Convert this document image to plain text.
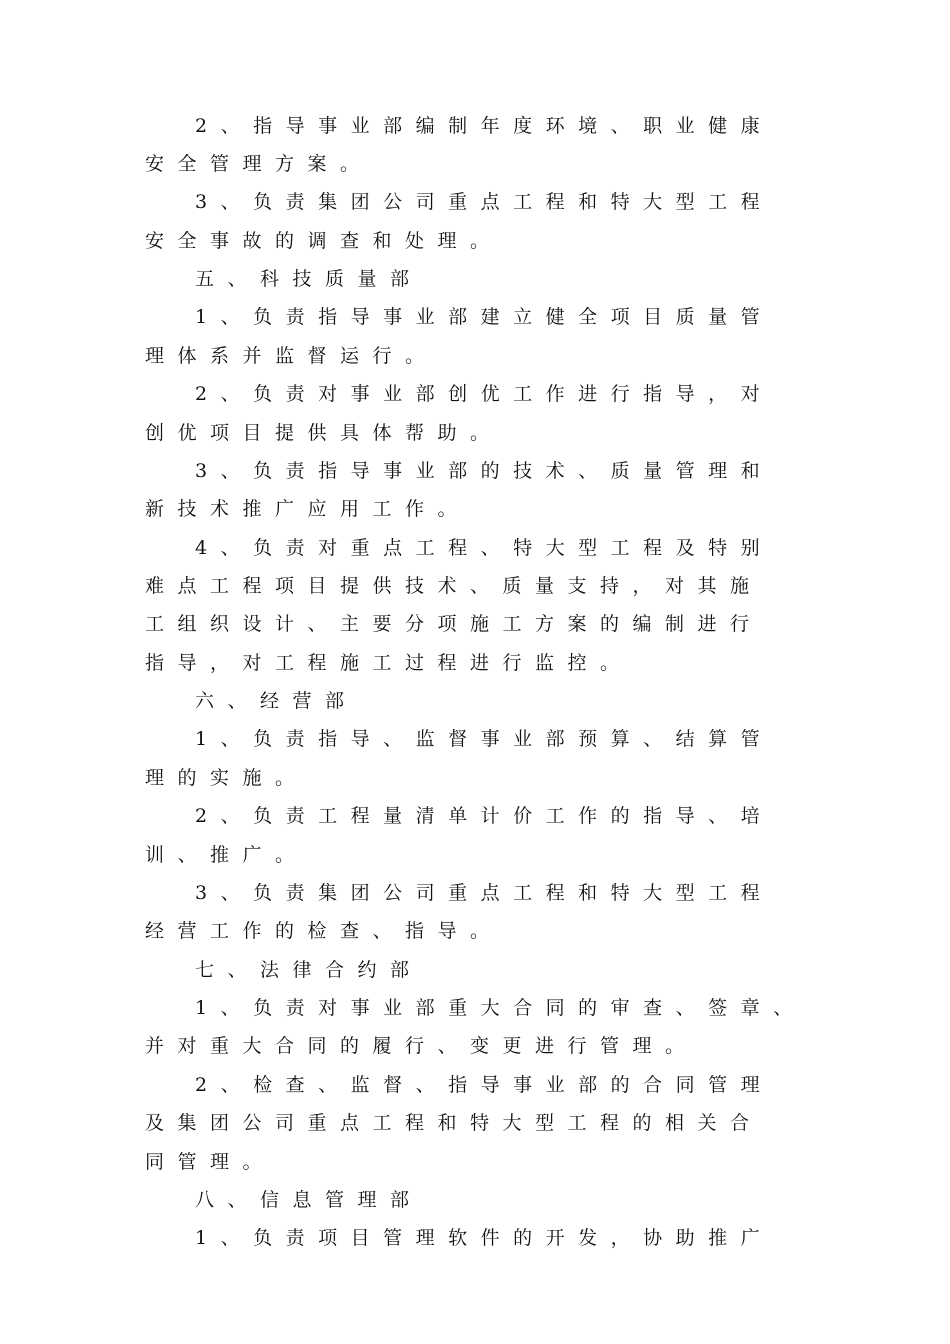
2、指导事业部编制年度环境、职业健康
安全管理方案。
3、负责集团公司重点工程和特大型工程
安全事故的调查和处理。
五、科技质量部
1、负责指导事业部建立健全项目质量管
理体系并监督运行。
2、负责对事业部创优工作进行指导，对
创优项目提供具体帮助。
3、负责指导事业部的技术、质量管理和
新技术推广应用工作。
4、负责对重点工程、特大型工程及特别
难点工程项目提供技术、质量支持，对其施
工组织设计、主要分项施工方案的编制进行
指导，对工程施工过程进行监控。
六、经营部
1、负责指导、监督事业部预算、结算管
理的实施。
2、负责工程量清单计价工作的指导、培
训、推广。
3、负责集团公司重点工程和特大型工程
经营工作的检查、指导。
七、法律合约部
1、负责对事业部重大合同的审查、签章、
并对重大合同的履行、变更进行管理。
2、检查、监督、指导事业部的合同管理
及集团公司重点工程和特大型工程的相关合
同管理。
八、信息管理部
1、负责项目管理软件的开发，协助推广
